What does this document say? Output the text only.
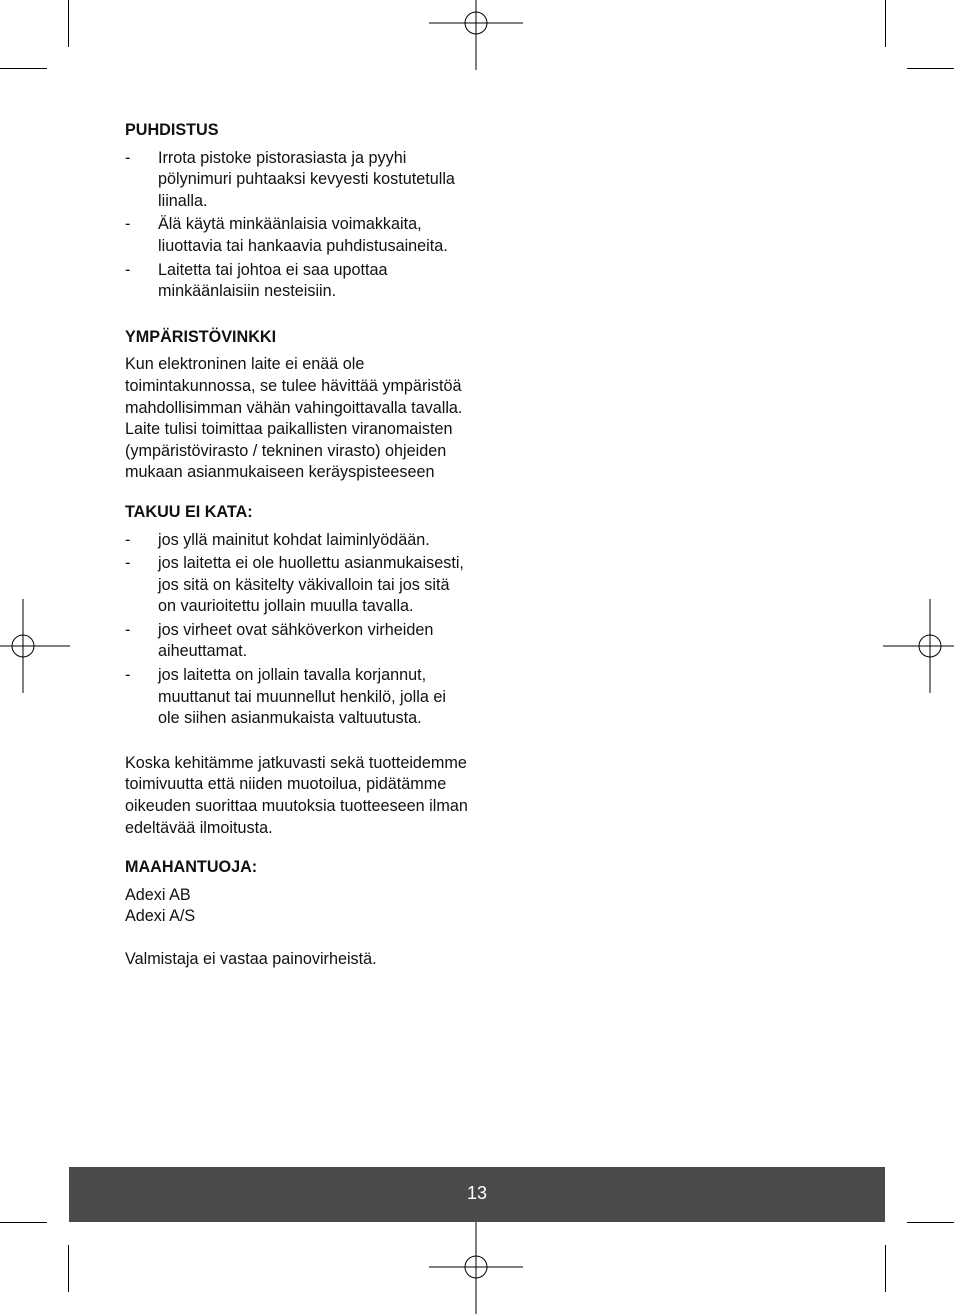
PUHDISTUS
- Irrota pistoke pistorasiasta ja pyyhi pölynimuri puhtaaksi kevyesti kostutetulla liinalla.
- Älä käytä minkäänlaisia voimakkaita, liuottavia tai hankaavia puhdistusaineita.
- Laitetta tai johtoa ei saa upottaa minkäänlaisiin nesteisiin.
YMPÄRISTÖVINKKI

Kun elektroninen laite ei enää ole toimintakunnossa, se tulee hävittää ympäristöä mahdollisimman vähän vahingoittavalla tavalla. Laite tulisi toimittaa paikallisten viranomaisten (ympäristövirasto / tekninen virasto) ohjeiden mukaan asianmukaiseen keräyspisteeseen

TAKUU EI KATA:
- jos yllä mainitut kohdat laiminlyödään.
- jos laitetta ei ole huollettu asianmukaisesti, jos sitä on käsitelty väkivalloin tai jos sitä on vaurioitettu jollain muulla tavalla.
- jos virheet ovat sähköverkon virheiden aiheuttamat.
- jos laitetta on jollain tavalla korjannut, muuttanut tai muunnellut henkilö, jolla ei ole siihen asianmukaista valtuutusta.

Koska kehitämme jatkuvasti sekä tuotteidemme toimivuutta että niiden muotoilua, pidätämme oikeuden suorittaa muutoksia tuotteeseen ilman edeltävää ilmoitusta.

MAAHANTUOJA:
Adexi AB
Adexi A/S

Valmistaja ei vastaa painovirheistä.

13
